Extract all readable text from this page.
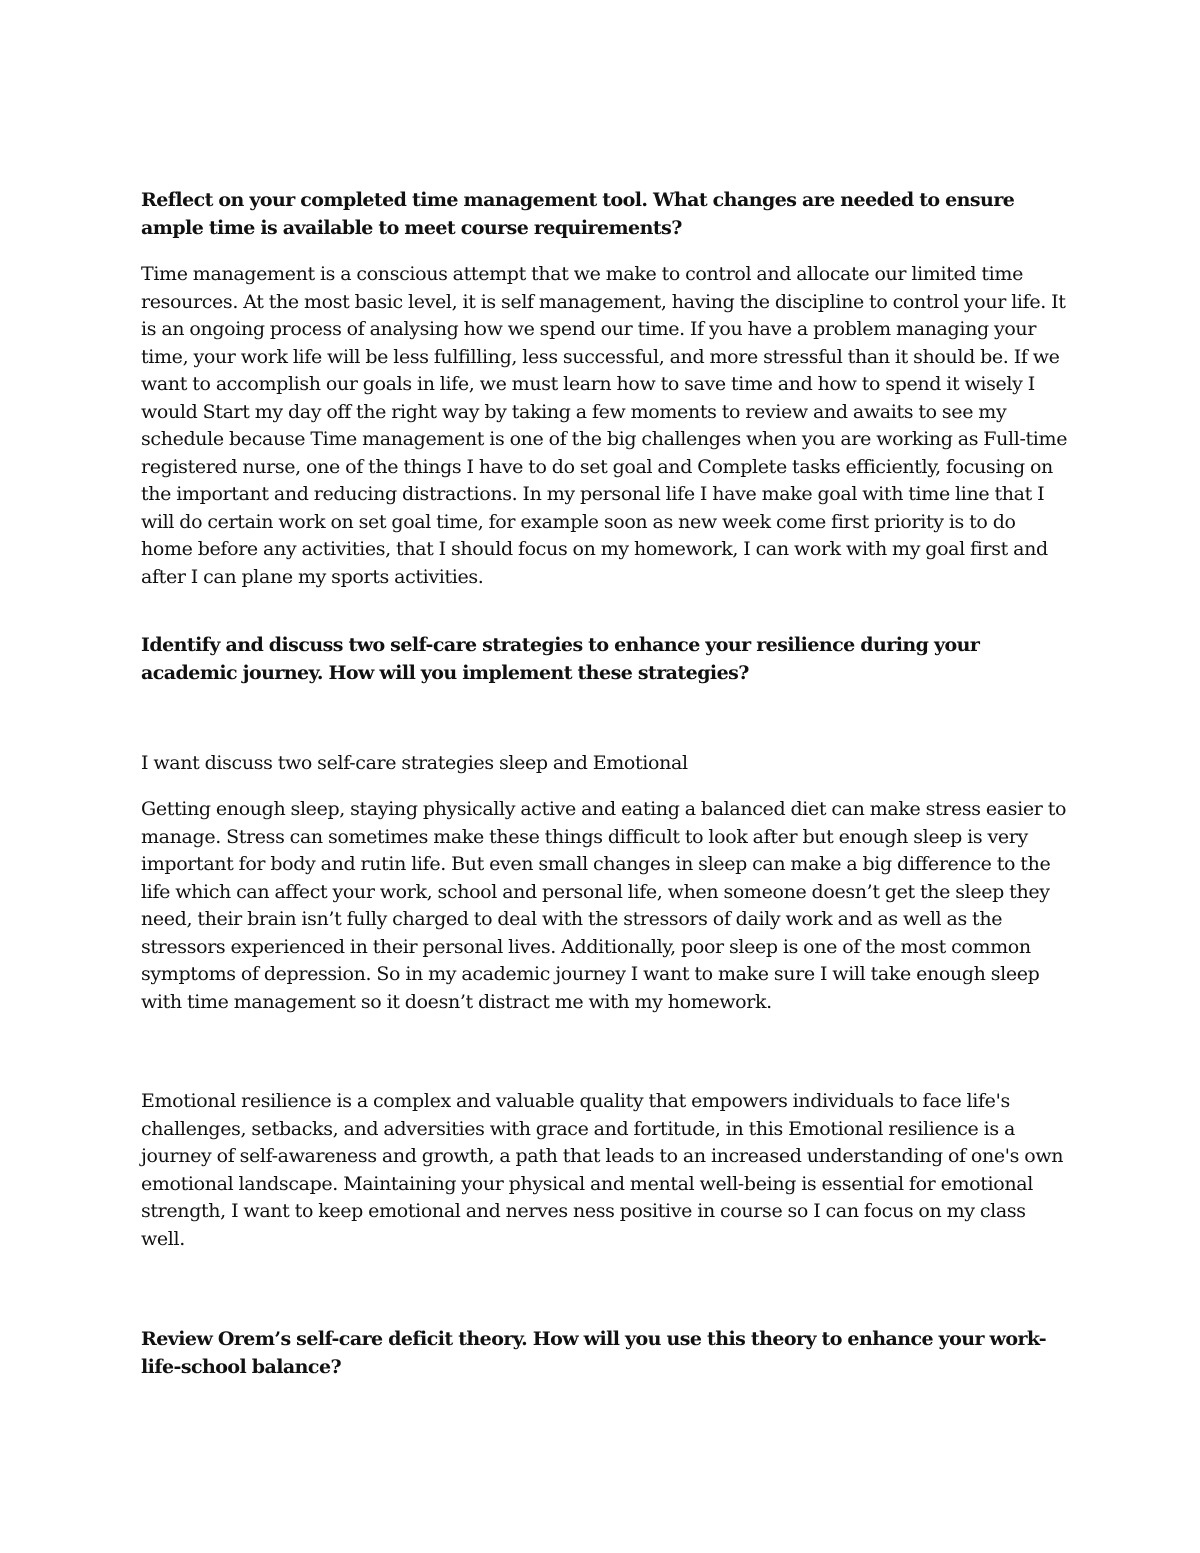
Reflect on your completed time management tool. What changes are needed to ensure ample time is available to meet course requirements?

Time management is a conscious attempt that we make to control and allocate our limited time resources. At the most basic level, it is self management, having the discipline to control your life. It is an ongoing process of analysing how we spend our time. If you have a problem managing your time, your work life will be less fulfilling, less successful, and more stressful than it should be. If we want to accomplish our goals in life, we must learn how to save time and how to spend it wisely I would Start my day off the right way by taking a few moments to review and awaits to see my schedule because Time management is one of the big challenges when you are working as Full-time registered nurse, one of the things I have to do set goal and Complete tasks efficiently, focusing on the important and reducing distractions. In my personal life I have make goal with time line that I will do certain work on set goal time, for example soon as new week come first priority is to do home before any activities, that I should focus on my homework, I can work with my goal first and after I can plane my sports activities.

Identify and discuss two self-care strategies to enhance your resilience during your academic journey. How will you implement these strategies?

I want discuss two self-care strategies sleep and Emotional

Getting enough sleep, staying physically active and eating a balanced diet can make stress easier to manage. Stress can sometimes make these things difficult to look after but enough sleep is very important for body and rutin life. But even small changes in sleep can make a big difference to the life which can affect your work, school and personal life, when someone doesn’t get the sleep they need, their brain isn’t fully charged to deal with the stressors of daily work and as well as the stressors experienced in their personal lives. Additionally, poor sleep is one of the most common symptoms of depression. So in my academic journey I want to make sure I will take enough sleep with time management so it doesn’t distract me with my homework.

Emotional resilience is a complex and valuable quality that empowers individuals to face life's challenges, setbacks, and adversities with grace and fortitude, in this Emotional resilience is a journey of self-awareness and growth, a path that leads to an increased understanding of one's own emotional landscape. Maintaining your physical and mental well-being is essential for emotional strength, I want to keep emotional and nerves ness positive in course so I can focus on my class well.

Review Orem’s self-care deficit theory. How will you use this theory to enhance your work-life-school balance?
